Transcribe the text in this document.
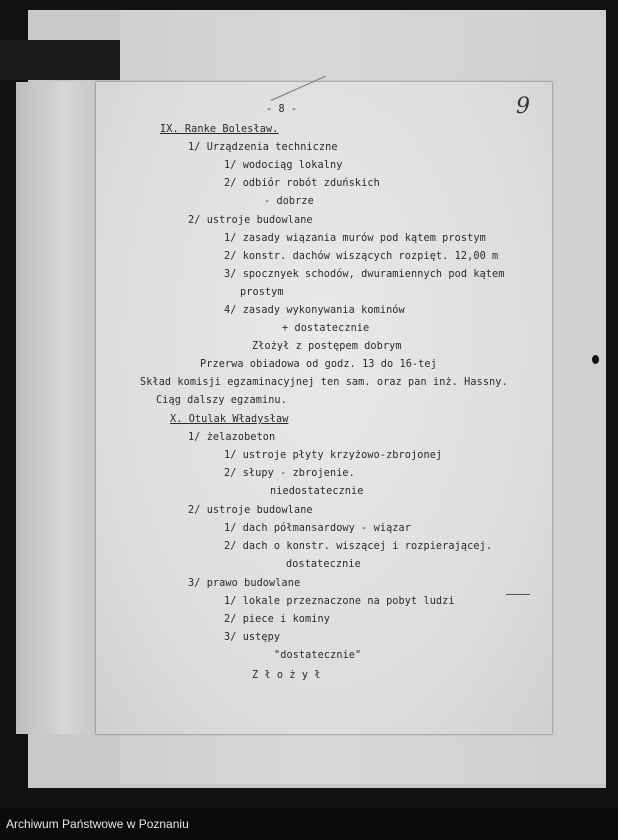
- 8 -	9
IX. Ranke Bolesław.
1/ Urządzenia techniczne
1/ wodociąg lokalny
2/ odbiór robót zduńskich
- dobrze
2/ ustroje budowlane
1/ zasady wiązania murów pod kątem prostym
2/ konstr. dachów wiszących rozpięt. 12,00 m
3/ spocznyek schodów, dwuramiennych pod kątem
prostym
4/ zasady wykonywania kominów
+ dostatecznie
Złożył z postępem dobrym
Przerwa obiadowa od godz. 13 do 16-tej
Skład komisji egzaminacyjnej ten sam. oraz pan inż. Hassny.
Ciąg dalszy egzaminu.
X. Otulak Władysław
1/ żelazobeton
1/ ustroje płyty krzyżowo-zbrojonej
2/ słupy - zbrojenie.
niedostatecznie
2/ ustroje budowlane
1/ dach półmansardowy - wiązar
2/ dach o konstr. wiszącej i rozpierającej.
dostatecznie
3/ prawo budowlane
1/ lokale przeznaczone na pobyt ludzi
2/ piece i kominy
3/ ustępy
"dostatecznie"
Z ł o ż y ł
Archiwum Państwowe w Poznaniu
